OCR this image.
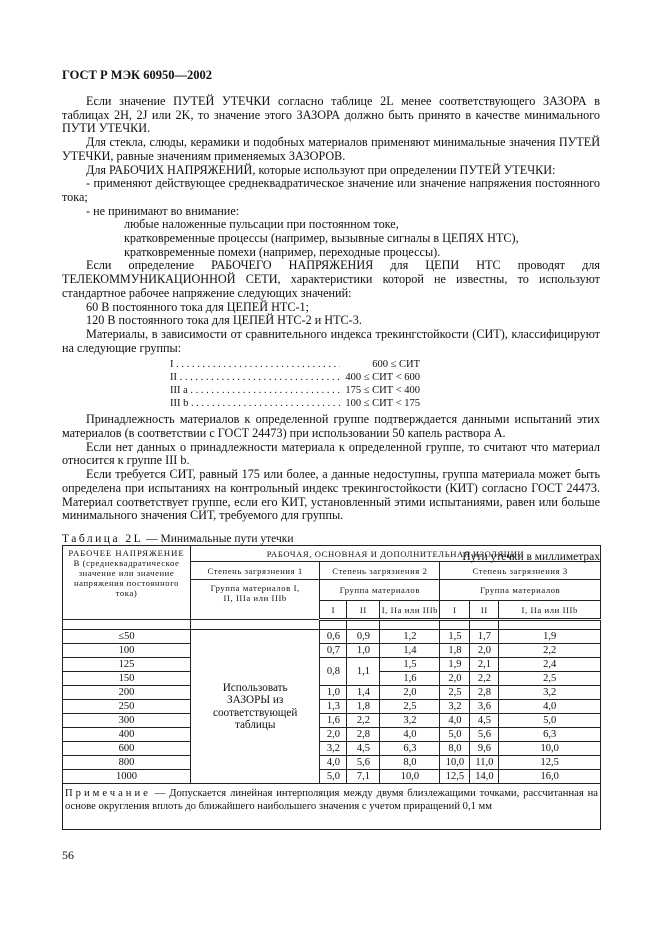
ГОСТ Р МЭК 60950—2002

Если значение ПУТЕЙ УТЕЧКИ согласно таблице 2L менее соответствующего ЗАЗОРА в таблицах 2H, 2J или 2K, то значение этого ЗАЗОРА должно быть принято в качестве минимального ПУТИ УТЕЧКИ.

Для стекла, слюды, керамики и подобных материалов применяют минимальные значения ПУТЕЙ УТЕЧКИ, равные значениям применяемых ЗАЗОРОВ.

Для РАБОЧИХ НАПРЯЖЕНИЙ, которые используют при определении ПУТЕЙ УТЕЧКИ:

- применяют действующее среднеквадратическое значение или значение напряжения постоянного тока;

- не принимают во внимание:

любые наложенные пульсации при постоянном токе,

кратковременные процессы (например, вызывные сигналы в ЦЕПЯХ НТС),

кратковременные помехи (например, переходные процессы).

Если определение РАБОЧЕГО НАПРЯЖЕНИЯ для ЦЕПИ НТС проводят для ТЕЛЕКОММУНИКАЦИОННОЙ СЕТИ, характеристики которой не известны, то используют стандартное рабочее напряжение следующих значений:

60 В постоянного тока для ЦЕПЕЙ НТС-1;

120 В постоянного тока для ЦЕПЕЙ НТС-2 и НТС-3.

Материалы, в зависимости от сравнительного индекса трекингстойкости (СИТ), классифицируют на следующие группы:

I . . .	600 ≤ СИТ
II . . .	400 ≤ СИТ < 600
III a . . .	175 ≤ СИТ < 400
III b . . .	100 ≤ СИТ < 175

Принадлежность материалов к определенной группе подтверждается данными испытаний этих материалов (в соответствии с ГОСТ 24473) при использовании 50 капель раствора А.

Если нет данных о принадлежности материала к определенной группе, то считают что материал относится к группе III b.

Если требуется СИТ, равный 175 или более, а данные недоступны, группа материала может быть определена при испытаниях на контрольный индекс трекингостойкости (КИТ) согласно ГОСТ 24473. Материал соответствует группе, если его КИТ, установленный этими испытаниями, равен или больше минимального значения СИТ, требуемого для группы.

Таблица 2L — Минимальные пути утечки
Пути утечки в миллиметрах
РАБОЧЕЕ НАПРЯЖЕНИЕ
В (среднеквадратическое значение или значение напряжения постоянного тока)	РАБОЧАЯ, ОСНОВНАЯ И ДОПОЛНИТЕЛЬНАЯ ИЗОЛЯЦИИ						
	Степень загрязнения 1	Степень загрязнения 2			Степень загрязнения 3		
	Группа материалов I, II, IIIa или IIIb	Группа материалов			Группа материалов		
		I	II	I, IIa или IIIb	I	II	I, IIa или IIIb

≤50	Использовать ЗАЗОРЫ из соответствующей таблицы	0,6	0,9	1,2	1,5	1,7	1,9
100		0,7	1,0	1,4	1,8	2,0	2,2
125		0,8	1,1	1,5	1,9	2,1	2,4
150				1,6	2,0	2,2	2,5
200		1,0	1,4	2,0	2,5	2,8	3,2
250		1,3	1,8	2,5	3,2	3,6	4,0
300		1,6	2,2	3,2	4,0	4,5	5,0
400		2,0	2,8	4,0	5,0	5,6	6,3
600		3,2	4,5	6,3	8,0	9,6	10,0
800		4,0	5,6	8,0	10,0	11,0	12,5
1000		5,0	7,1	10,0	12,5	14,0	16,0
Примечание — Допускается линейная интерполяция между двумя близлежащими точками, рассчитанная на основе округления вплоть до ближайшего наибольшего значения с учетом приращений 0,1 мм							
56
